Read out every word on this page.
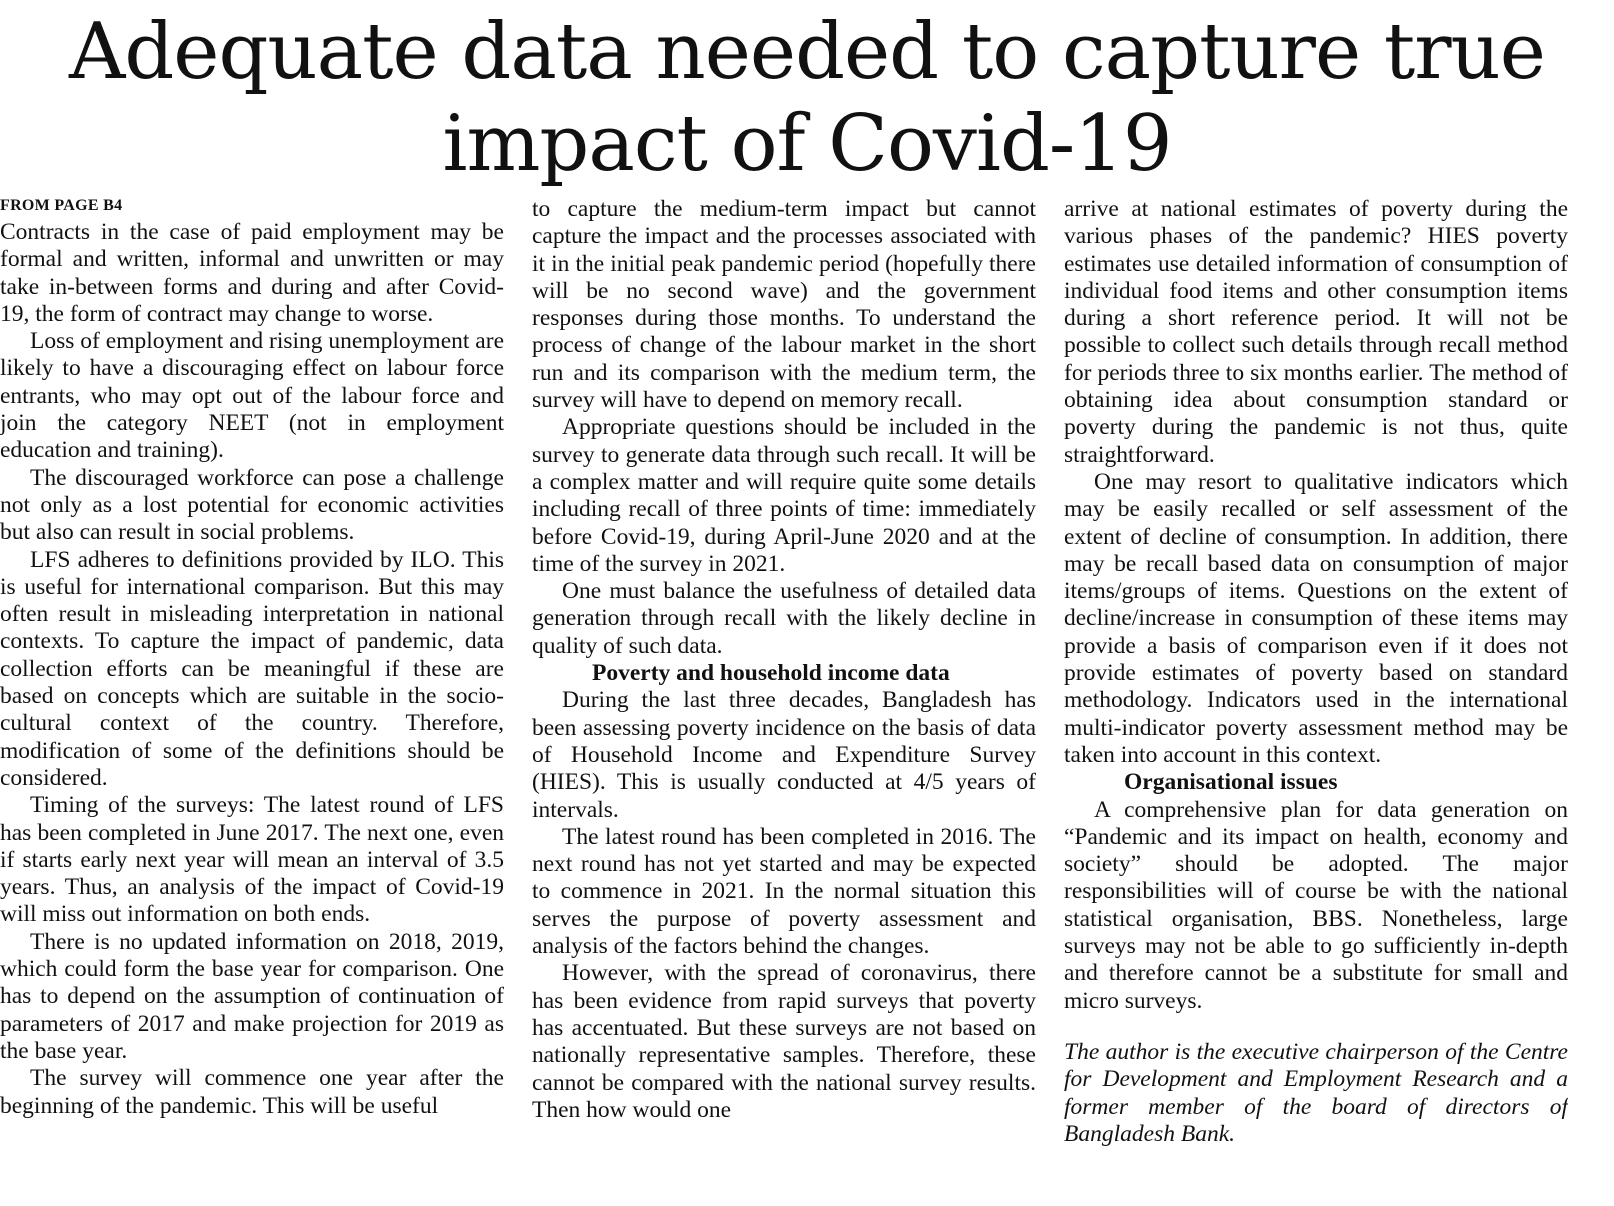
Adequate data needed to capture true impact of Covid-19
FROM PAGE B4

Contracts in the case of paid employment may be formal and written, informal and unwritten or may take in-between forms and during and after Covid-19, the form of contract may change to worse.

Loss of employment and rising unemployment are likely to have a discouraging effect on labour force entrants, who may opt out of the labour force and join the category NEET (not in employment education and training).

The discouraged workforce can pose a challenge not only as a lost potential for economic activities but also can result in social problems.

LFS adheres to definitions provided by ILO. This is useful for international comparison. But this may often result in misleading interpretation in national contexts. To capture the impact of pandemic, data collection efforts can be meaningful if these are based on concepts which are suitable in the socio-cultural context of the country. Therefore, modification of some of the definitions should be considered.

Timing of the surveys: The latest round of LFS has been completed in June 2017. The next one, even if starts early next year will mean an interval of 3.5 years. Thus, an analysis of the impact of Covid-19 will miss out information on both ends.

There is no updated information on 2018, 2019, which could form the base year for comparison. One has to depend on the assumption of continuation of parameters of 2017 and make projection for 2019 as the base year.

The survey will commence one year after the beginning of the pandemic. This will be useful

to capture the medium-term impact but cannot capture the impact and the processes associated with it in the initial peak pandemic period (hopefully there will be no second wave) and the government responses during those months. To understand the process of change of the labour market in the short run and its comparison with the medium term, the survey will have to depend on memory recall.

Appropriate questions should be included in the survey to generate data through such recall. It will be a complex matter and will require quite some details including recall of three points of time: immediately before Covid-19, during April-June 2020 and at the time of the survey in 2021.

One must balance the usefulness of detailed data generation through recall with the likely decline in quality of such data.

Poverty and household income data

During the last three decades, Bangladesh has been assessing poverty incidence on the basis of data of Household Income and Expenditure Survey (HIES). This is usually conducted at 4/5 years of intervals.

The latest round has been completed in 2016. The next round has not yet started and may be expected to commence in 2021. In the normal situation this serves the purpose of poverty assessment and analysis of the factors behind the changes.

However, with the spread of coronavirus, there has been evidence from rapid surveys that poverty has accentuated. But these surveys are not based on nationally representative samples. Therefore, these cannot be compared with the national survey results. Then how would one

arrive at national estimates of poverty during the various phases of the pandemic? HIES poverty estimates use detailed information of consumption of individual food items and other consumption items during a short reference period. It will not be possible to collect such details through recall method for periods three to six months earlier. The method of obtaining idea about consumption standard or poverty during the pandemic is not thus, quite straightforward.

One may resort to qualitative indicators which may be easily recalled or self assessment of the extent of decline of consumption. In addition, there may be recall based data on consumption of major items/groups of items. Questions on the extent of decline/increase in consumption of these items may provide a basis of comparison even if it does not provide estimates of poverty based on standard methodology. Indicators used in the international multi-indicator poverty assessment method may be taken into account in this context.

Organisational issues

A comprehensive plan for data generation on “Pandemic and its impact on health, economy and society” should be adopted. The major responsibilities will of course be with the national statistical organisation, BBS. Nonetheless, large surveys may not be able to go sufficiently in-depth and therefore cannot be a substitute for small and micro surveys.

The author is the executive chairperson of the Centre for Development and Employment Research and a former member of the board of directors of Bangladesh Bank.
